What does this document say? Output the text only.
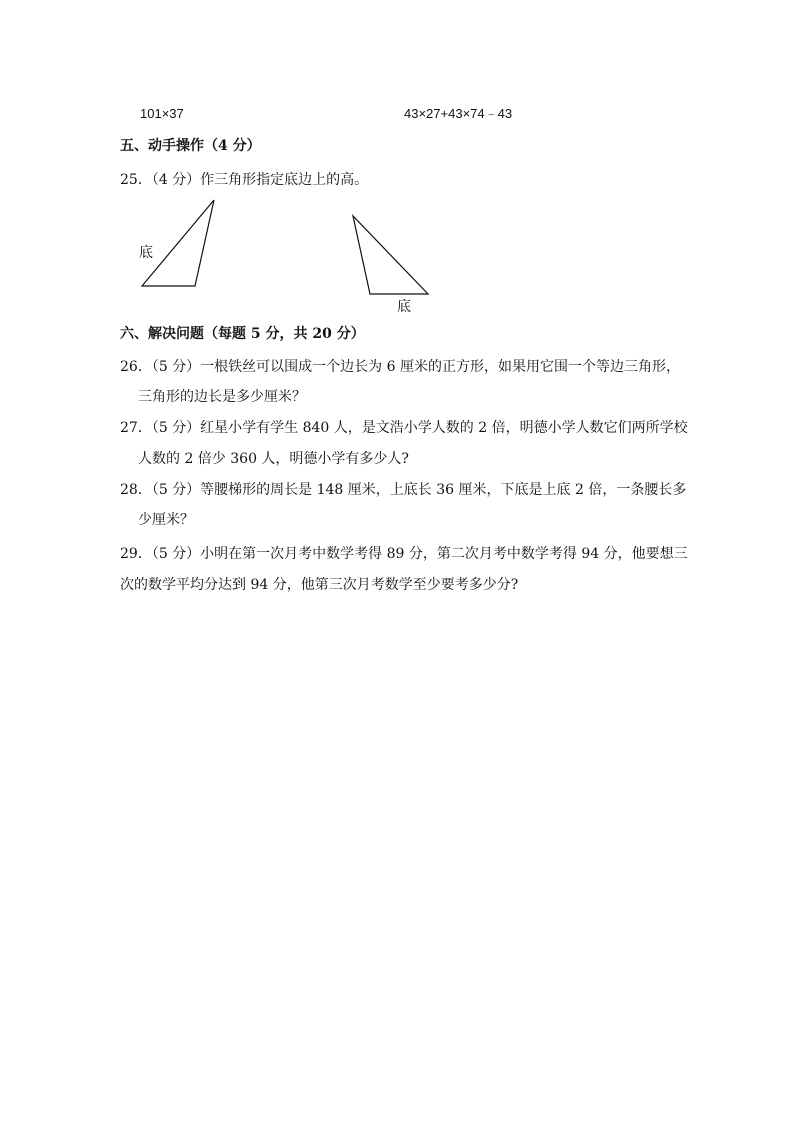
101×37	43×27+43×74﹣43
五、动手操作（4 分）
25．（4 分）作三角形指定底边上的高。
底
底
六、解决问题（每题 5 分，共 20 分）
26．（5 分）一根铁丝可以围成一个边长为 6 厘米的正方形，如果用它围一个等边三角形，
三角形的边长是多少厘米？
27．（5 分）红星小学有学生 840 人，是文浩小学人数的 2 倍，明德小学人数它们两所学校
人数的 2 倍少 360 人，明德小学有多少人?
28．（5 分）等腰梯形的周长是 148 厘米，上底长 36 厘米，下底是上底 2 倍，一条腰长多
少厘米？
29．（5 分）小明在第一次月考中数学考得 89 分，第二次月考中数学考得 94 分，他要想三
次的数学平均分达到 94 分，他第三次月考数学至少要考多少分?
